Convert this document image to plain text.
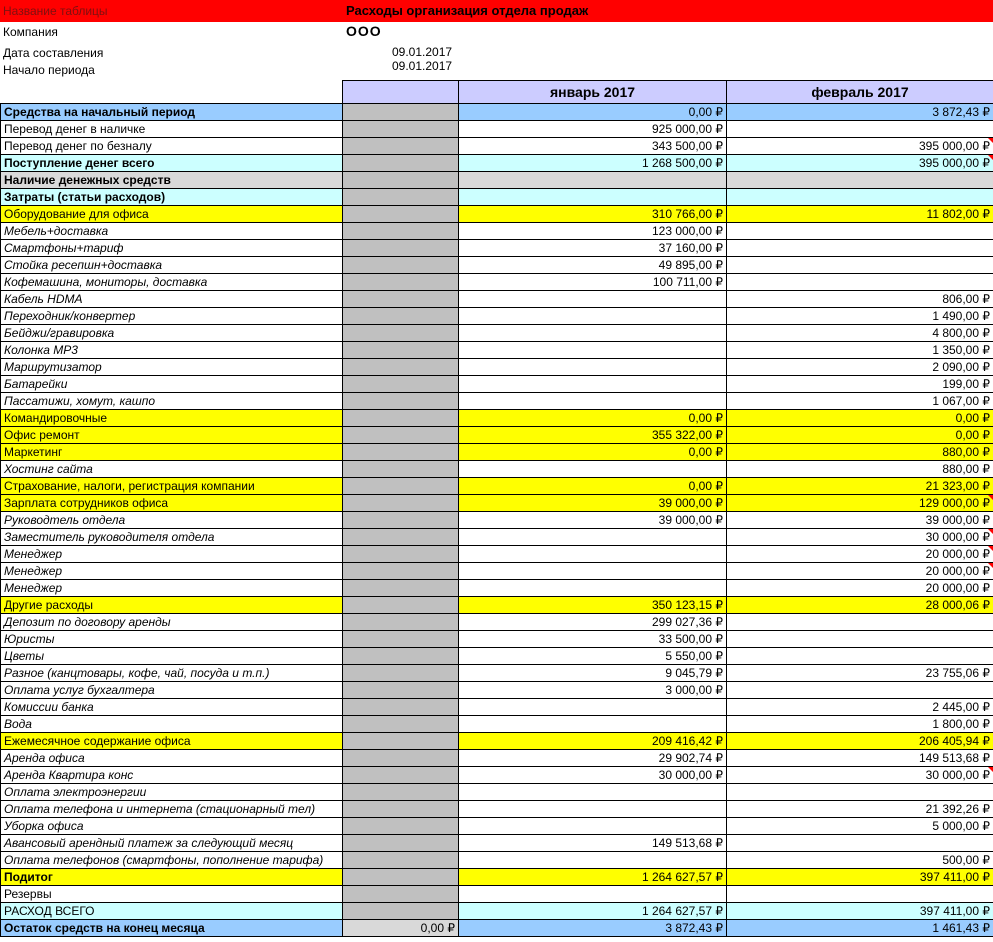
Название таблицы	Расходы организация отдела продаж
Компания	ООО
Дата составления	09.01.2017
Начало периода	09.01.2017
		январь 2017	февраль 2017
Средства на начальный период		0,00 ₽	3 872,43 ₽
Перевод денег в наличке		925 000,00 ₽	
Перевод денег по безналу		343 500,00 ₽	395 000,00 ₽
Поступление денег всего		1 268 500,00 ₽	395 000,00 ₽
Наличие денежных средств			
Затраты (статьи расходов)			
Оборудование для офиса		310 766,00 ₽	11 802,00 ₽
Мебель+доставка		123 000,00 ₽	
Смартфоны+тариф		37 160,00 ₽	
Стойка ресепшн+доставка		49 895,00 ₽	
Кофемашина, мониторы, доставка		100 711,00 ₽	
Кабель HDMA			806,00 ₽
Переходник/конвертер			1 490,00 ₽
Бейджи/гравировка			4 800,00 ₽
Колонка MP3			1 350,00 ₽
Маршрутизатор			2 090,00 ₽
Батарейки			199,00 ₽
Пассатижи, хомут, кашпо			1 067,00 ₽
Командировочные		0,00 ₽	0,00 ₽
Офис ремонт		355 322,00 ₽	0,00 ₽
Маркетинг		0,00 ₽	880,00 ₽
Хостинг сайта			880,00 ₽
Страхование, налоги, регистрация компании		0,00 ₽	21 323,00 ₽
Зарплата сотрудников офиса		39 000,00 ₽	129 000,00 ₽
Руководтель отдела		39 000,00 ₽	39 000,00 ₽
Заместитель руководителя отдела			30 000,00 ₽
Менеджер			20 000,00 ₽
Менеджер			20 000,00 ₽
Менеджер			20 000,00 ₽
Другие расходы		350 123,15 ₽	28 000,06 ₽
Депозит по договору аренды		299 027,36 ₽	
Юристы		33 500,00 ₽	
Цветы		5 550,00 ₽	
Разное (канцтовары, кофе, чай, посуда и т.п.)		9 045,79 ₽	23 755,06 ₽
Оплата услуг бухгалтера		3 000,00 ₽	
Комиссии банка			2 445,00 ₽
Вода			1 800,00 ₽
Ежемесячное содержание офиса		209 416,42 ₽	206 405,94 ₽
Аренда офиса		29 902,74 ₽	149 513,68 ₽
Аренда Квартира конс		30 000,00 ₽	30 000,00 ₽
Оплата электроэнергии			
Оплата телефона и интернета (стационарный тел)			21 392,26 ₽
Уборка офиса			5 000,00 ₽
Авансовый арендный платеж за следующий месяц		149 513,68 ₽	
Оплата телефонов (смартфоны, пополнение тарифа)			500,00 ₽
Подитог		1 264 627,57 ₽	397 411,00 ₽
Резервы			
РАСХОД ВСЕГО		1 264 627,57 ₽	397 411,00 ₽
Остаток средств на конец месяца	0,00 ₽	3 872,43 ₽	1 461,43 ₽
